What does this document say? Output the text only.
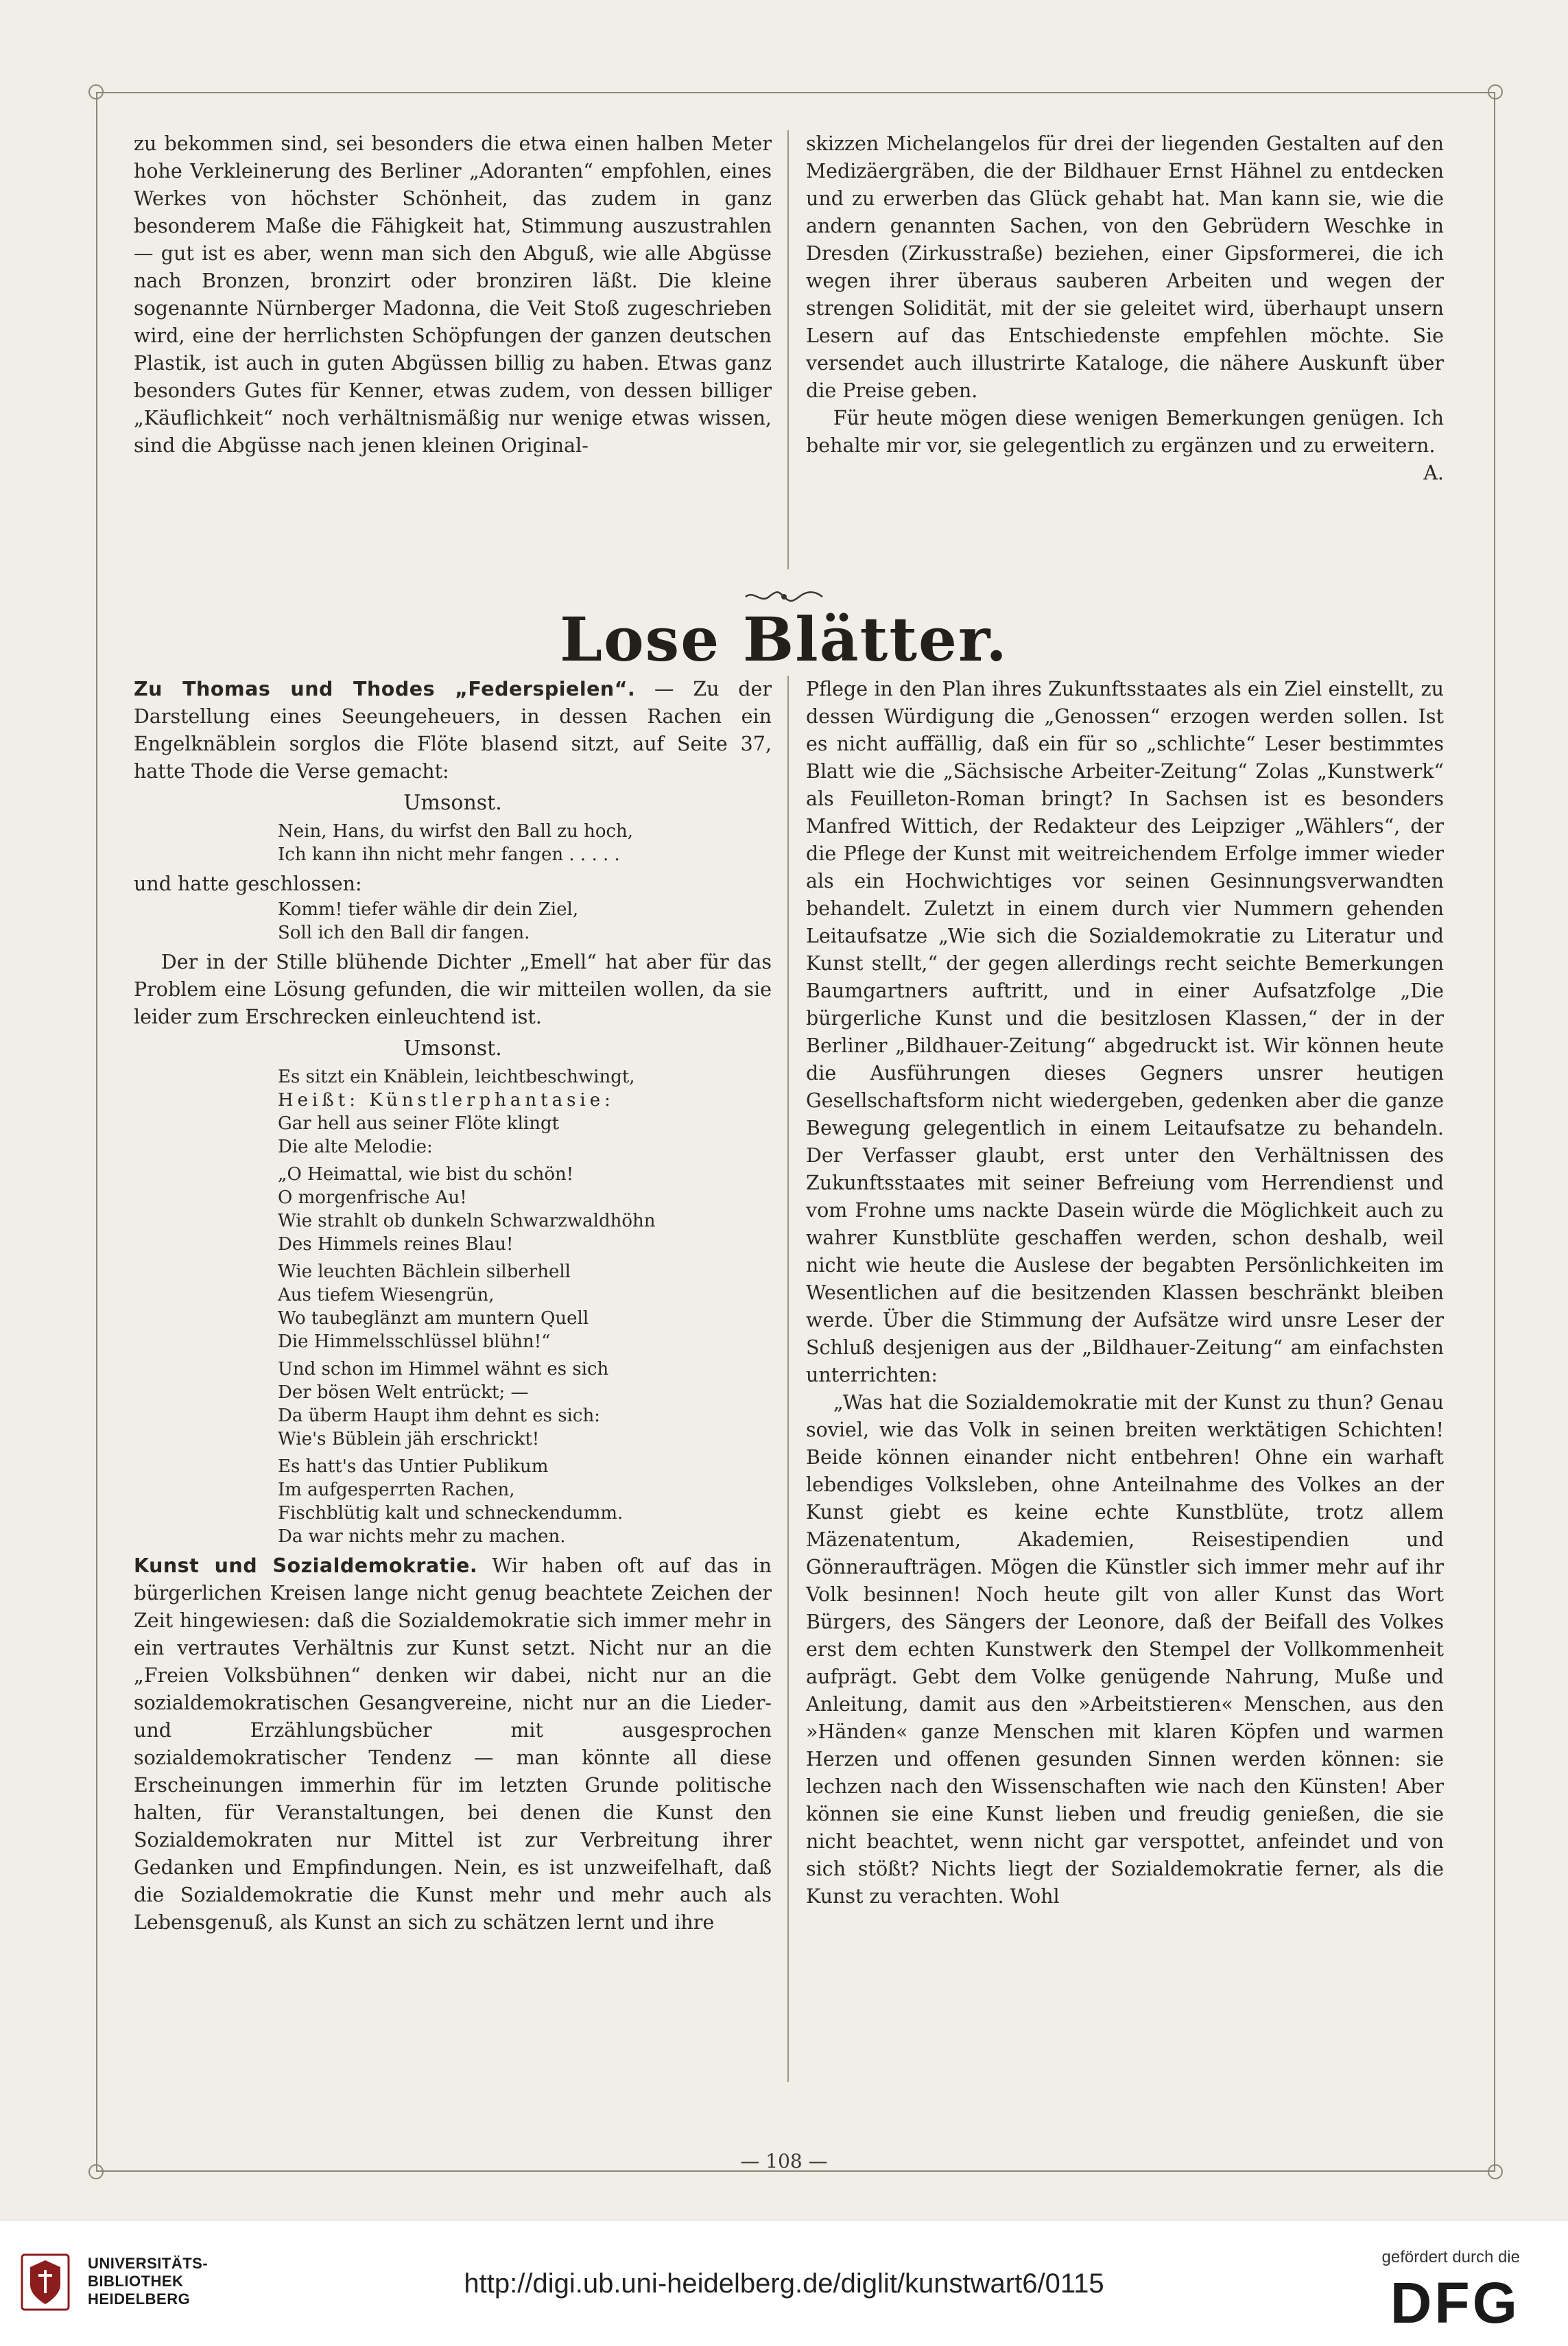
zu bekommen sind, sei besonders die etwa einen halben Meter hohe Verkleinerung des Berliner „Adoranten“ empfohlen, eines Werkes von höchster Schönheit, das zudem in ganz besonderem Maße die Fähigkeit hat, Stimmung auszustrahlen — gut ist es aber, wenn man sich den Abguß, wie alle Abgüsse nach Bronzen, bronzirt oder bronziren läßt. Die kleine sogenannte Nürnberger Madonna, die Veit Stoß zugeschrieben wird, eine der herrlichsten Schöpfungen der ganzen deutschen Plastik, ist auch in guten Abgüssen billig zu haben. Etwas ganz besonders Gutes für Kenner, etwas zudem, von dessen billiger „Käuflichkeit“ noch verhältnismäßig nur wenige etwas wissen, sind die Abgüsse nach jenen kleinen Original-

skizzen Michelangelos für drei der liegenden Gestalten auf den Medizäergräben, die der Bildhauer Ernst Hähnel zu entdecken und zu erwerben das Glück gehabt hat. Man kann sie, wie die andern genannten Sachen, von den Gebrüdern Weschke in Dresden (Zirkusstraße) beziehen, einer Gipsformerei, die ich wegen ihrer überaus sauberen Arbeiten und wegen der strengen Solidität, mit der sie geleitet wird, überhaupt unsern Lesern auf das Entschiedenste empfehlen möchte. Sie versendet auch illustrirte Kataloge, die nähere Auskunft über die Preise geben.

Für heute mögen diese wenigen Bemerkungen genügen. Ich behalte mir vor, sie gelegentlich zu ergänzen und zu erweitern.

A.
Lose Blätter.

Zu Thomas und Thodes „Federspielen“. — Zu der Darstellung eines Seeungeheuers, in dessen Rachen ein Engelknäblein sorglos die Flöte blasend sitzt, auf Seite 37, hatte Thode die Verse gemacht:

Umsonst.

Nein, Hans, du wirfst den Ball zu hoch,
Ich kann ihn nicht mehr fangen . . . . .

und hatte geschlossen:

Komm! tiefer wähle dir dein Ziel,
Soll ich den Ball dir fangen.

Der in der Stille blühende Dichter „Emell“ hat aber für das Problem eine Lösung gefunden, die wir mitteilen wollen, da sie leider zum Erschrecken einleuchtend ist.

Umsonst.

Es sitzt ein Knäblein, leichtbeschwingt,
Heißt: Künstlerphantasie:
Gar hell aus seiner Flöte klingt
Die alte Melodie:
„O Heimattal, wie bist du schön!
O morgenfrische Au!
Wie strahlt ob dunkeln Schwarzwaldhöhn
Des Himmels reines Blau!
Wie leuchten Bächlein silberhell
Aus tiefem Wiesengrün,
Wo taubeglänzt am muntern Quell
Die Himmelsschlüssel blühn!“
Und schon im Himmel wähnt es sich
Der bösen Welt entrückt; —
Da überm Haupt ihm dehnt es sich:
Wie's Büblein jäh erschrickt!
Es hatt's das Untier Publikum
Im aufgesperrten Rachen,
Fischblütig kalt und schneckendumm.
Da war nichts mehr zu machen.

Kunst und Sozialdemokratie. Wir haben oft auf das in bürgerlichen Kreisen lange nicht genug beachtete Zeichen der Zeit hingewiesen: daß die Sozialdemokratie sich immer mehr in ein vertrautes Verhältnis zur Kunst setzt. Nicht nur an die „Freien Volksbühnen“ denken wir dabei, nicht nur an die sozialdemokratischen Gesangvereine, nicht nur an die Lieder- und Erzählungsbücher mit ausgesprochen sozialdemokratischer Tendenz — man könnte all diese Erscheinungen immerhin für im letzten Grunde politische halten, für Veranstaltungen, bei denen die Kunst den Sozialdemokraten nur Mittel ist zur Verbreitung ihrer Gedanken und Empfindungen. Nein, es ist unzweifelhaft, daß die Sozialdemokratie die Kunst mehr und mehr auch als Lebensgenuß, als Kunst an sich zu schätzen lernt und ihre

Pflege in den Plan ihres Zukunftsstaates als ein Ziel einstellt, zu dessen Würdigung die „Genossen“ erzogen werden sollen. Ist es nicht auffällig, daß ein für so „schlichte“ Leser bestimmtes Blatt wie die „Sächsische Arbeiter-Zeitung“ Zolas „Kunstwerk“ als Feuilleton-Roman bringt? In Sachsen ist es besonders Manfred Wittich, der Redakteur des Leipziger „Wählers“, der die Pflege der Kunst mit weitreichendem Erfolge immer wieder als ein Hochwichtiges vor seinen Gesinnungsverwandten behandelt. Zuletzt in einem durch vier Nummern gehenden Leitaufsatze „Wie sich die Sozialdemokratie zu Literatur und Kunst stellt,“ der gegen allerdings recht seichte Bemerkungen Baumgartners auftritt, und in einer Aufsatzfolge „Die bürgerliche Kunst und die besitzlosen Klassen,“ der in der Berliner „Bildhauer-Zeitung“ abgedruckt ist. Wir können heute die Ausführungen dieses Gegners unsrer heutigen Gesellschaftsform nicht wiedergeben, gedenken aber die ganze Bewegung gelegentlich in einem Leitaufsatze zu behandeln. Der Verfasser glaubt, erst unter den Verhältnissen des Zukunftsstaates mit seiner Befreiung vom Herrendienst und vom Frohne ums nackte Dasein würde die Möglichkeit auch zu wahrer Kunstblüte geschaffen werden, schon deshalb, weil nicht wie heute die Auslese der begabten Persönlichkeiten im Wesentlichen auf die besitzenden Klassen beschränkt bleiben werde. Über die Stimmung der Aufsätze wird unsre Leser der Schluß desjenigen aus der „Bildhauer-Zeitung“ am einfachsten unterrichten:

„Was hat die Sozialdemokratie mit der Kunst zu thun? Genau soviel, wie das Volk in seinen breiten werktätigen Schichten! Beide können einander nicht entbehren! Ohne ein warhaft lebendiges Volksleben, ohne Anteilnahme des Volkes an der Kunst giebt es keine echte Kunstblüte, trotz allem Mäzenatentum, Akademien, Reisestipendien und Gönneraufträgen. Mögen die Künstler sich immer mehr auf ihr Volk besinnen! Noch heute gilt von aller Kunst das Wort Bürgers, des Sängers der Leonore, daß der Beifall des Volkes erst dem echten Kunstwerk den Stempel der Vollkommenheit aufprägt. Gebt dem Volke genügende Nahrung, Muße und Anleitung, damit aus den »Arbeitstieren« Menschen, aus den »Händen« ganze Menschen mit klaren Köpfen und warmen Herzen und offenen gesunden Sinnen werden können: sie lechzen nach den Wissenschaften wie nach den Künsten! Aber können sie eine Kunst lieben und freudig genießen, die sie nicht beachtet, wenn nicht gar verspottet, anfeindet und von sich stößt? Nichts liegt der Sozialdemokratie ferner, als die Kunst zu verachten. Wohl

— 108 —
UNIVERSITÄTS-
BIBLIOTHEK
HEIDELBERG
http://digi.ub.uni-heidelberg.de/diglit/kunstwart6/0115
gefördert durch die
DFG
